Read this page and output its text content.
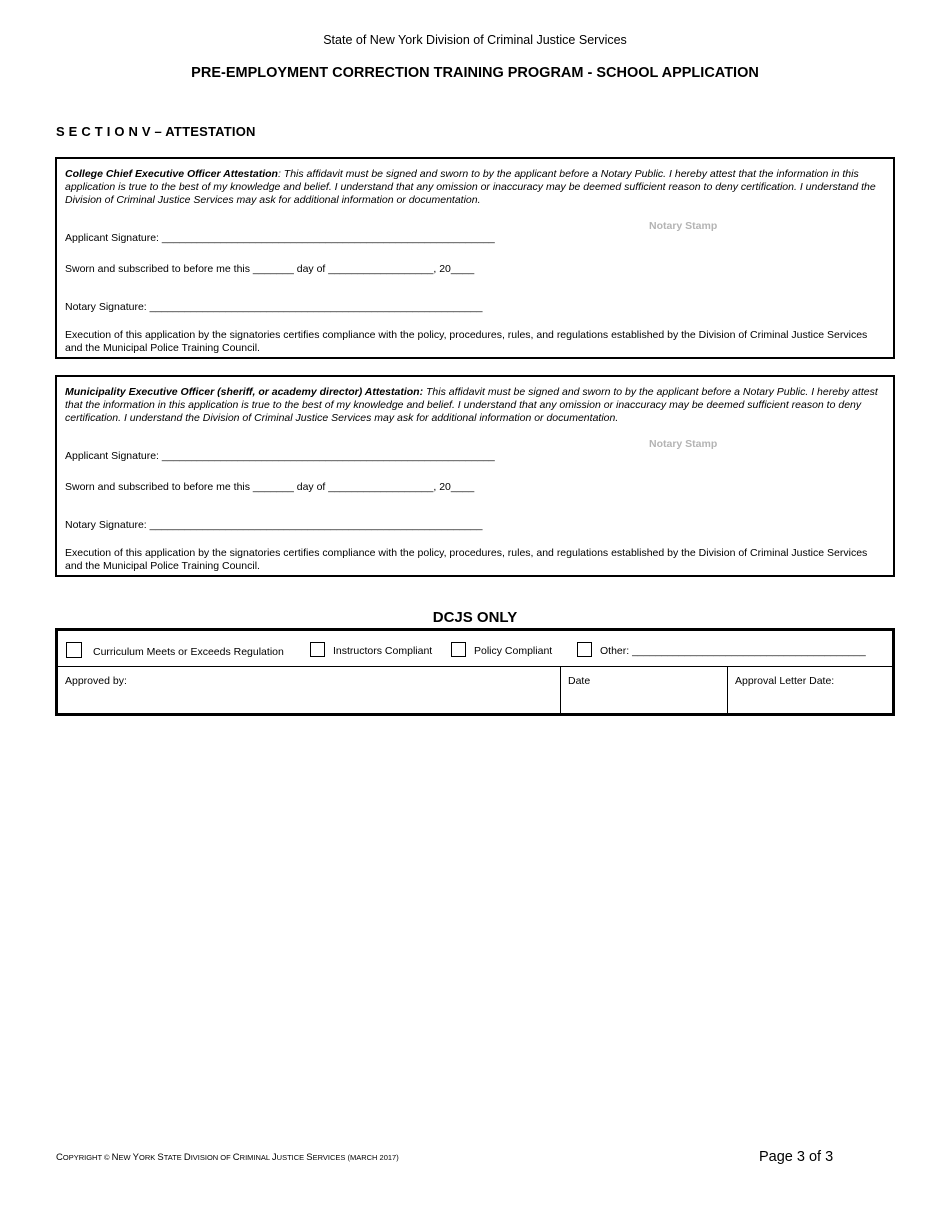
State of New York Division of Criminal Justice Services
PRE-EMPLOYMENT CORRECTION TRAINING PROGRAM - SCHOOL APPLICATION
S E C T I O N V – ATTESTATION
College Chief Executive Officer Attestation: This affidavit must be signed and sworn to by the applicant before a Notary Public. I hereby attest that the information in this application is true to the best of my knowledge and belief. I understand that any omission or inaccuracy may be deemed sufficient reason to deny certification. I understand the Division of Criminal Justice Services may ask for additional information or documentation.
Notary Stamp
Applicant Signature: _________________________________________________________
Sworn and subscribed to before me this _______ day of __________________, 20____
Notary Signature: _________________________________________________________
Execution of this application by the signatories certifies compliance with the policy, procedures, rules, and regulations established by the Division of Criminal Justice Services and the Municipal Police Training Council.
Municipality Executive Officer (sheriff, or academy director) Attestation: This affidavit must be signed and sworn to by the applicant before a Notary Public. I hereby attest that the information in this application is true to the best of my knowledge and belief. I understand that any omission or inaccuracy may be deemed sufficient reason to deny certification. I understand the Division of Criminal Justice Services may ask for additional information or documentation.
Notary Stamp
Applicant Signature: _________________________________________________________
Sworn and subscribed to before me this _______ day of __________________, 20____
Notary Signature: _________________________________________________________
Execution of this application by the signatories certifies compliance with the policy, procedures, rules, and regulations established by the Division of Criminal Justice Services and the Municipal Police Training Council.
DCJS ONLY
Curriculum Meets or Exceeds Regulation	Instructors Compliant	Policy Compliant	Other: ________________________________________
Approved by:	Date	Approval Letter Date:
COPYRIGHT © NEW YORK STATE DIVISION OF CRIMINAL JUSTICE SERVICES (MARCH 2017)	Page 3 of 3
